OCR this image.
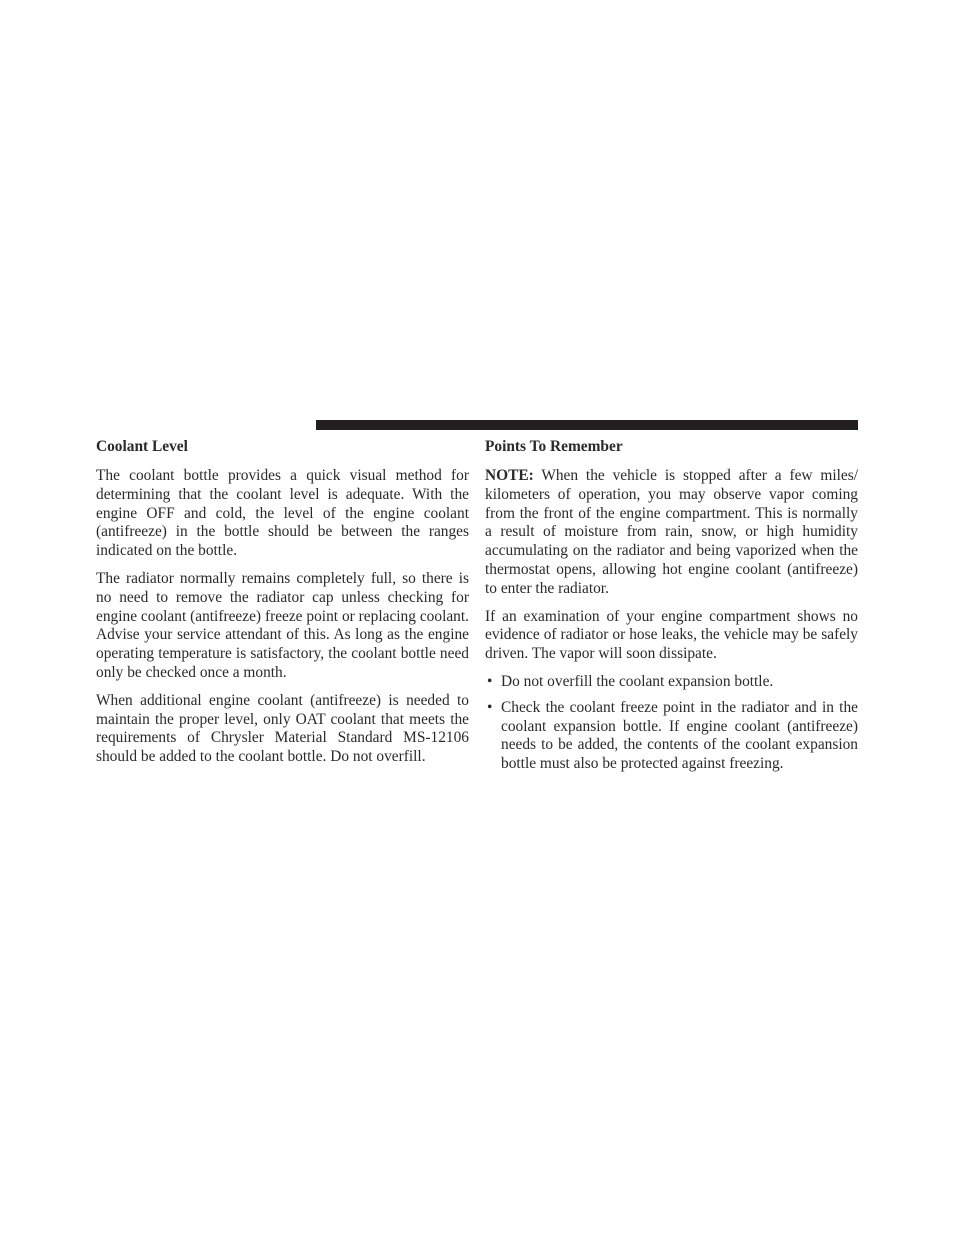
Coolant Level

The coolant bottle provides a quick visual method for determining that the coolant level is adequate. With the engine OFF and cold, the level of the engine coolant (antifreeze) in the bottle should be between the ranges indicated on the bottle.

The radiator normally remains completely full, so there is no need to remove the radiator cap unless checking for engine coolant (antifreeze) freeze point or replacing coolant. Advise your service attendant of this. As long as the engine operating temperature is satisfactory, the coolant bottle need only be checked once a month.

When additional engine coolant (antifreeze) is needed to maintain the proper level, only OAT coolant that meets the requirements of Chrysler Material Standard MS-12106 should be added to the coolant bottle. Do not overfill.

Points To Remember

NOTE: When the vehicle is stopped after a few miles/​kilometers of operation, you may observe vapor coming from the front of the engine compartment. This is normally a result of moisture from rain, snow, or high humidity accumulating on the radiator and being vaporized when the thermostat opens, allowing hot engine coolant (antifreeze) to enter the radiator.

If an examination of your engine compartment shows no evidence of radiator or hose leaks, the vehicle may be safely driven. The vapor will soon dissipate.

• Do not overfill the coolant expansion bottle.
• Check the coolant freeze point in the radiator and in the coolant expansion bottle. If engine coolant (antifreeze) needs to be added, the contents of the coolant expansion bottle must also be protected against freezing.
